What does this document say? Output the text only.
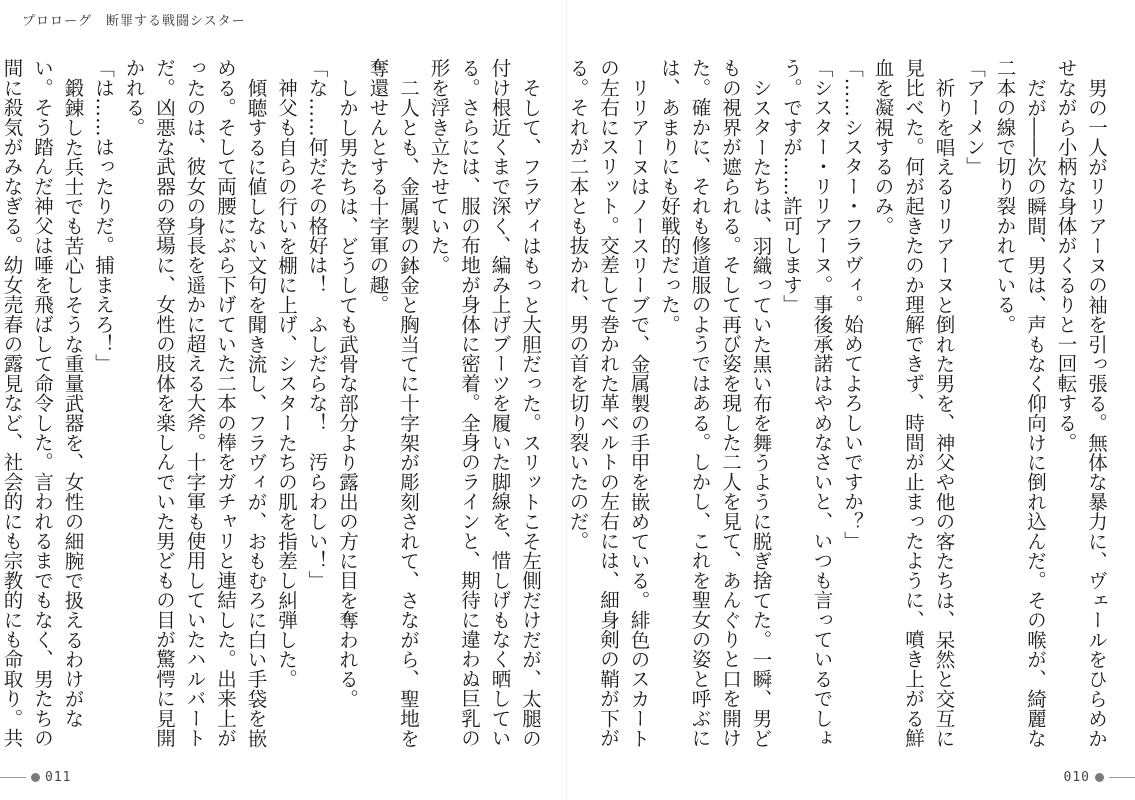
プロローグ　断罪する戦闘シスター

そして、フラヴィはもっと大胆だった。スリットこそ左側だけだが、太腿の付け根近くまで深く、編み上げブーツを履いた脚線を、惜しげもなく晒している。さらには、服の布地が身体に密着。全身のラインと、期待に違わぬ巨乳の形を浮き立たせていた。

二人とも、金属製の鉢金と胸当てに十字架が彫刻されて、さながら、聖地を奪還せんとする十字軍の趣。

しかし男たちは、どうしても武骨な部分より露出の方に目を奪われる。

「な……何だその格好は！　ふしだらな！　汚らわしい！」

神父も自らの行いを棚に上げ、シスターたちの肌を指差し糾弾した。

傾聴するに値しない文句を聞き流し、フラヴィが、おもむろに白い手袋を嵌める。そして両腰にぶら下げていた二本の棒をガチャリと連結した。出来上がったのは、彼女の身長を遥かに超える大斧。十字軍も使用していたハルバートだ。凶悪な武器の登場に、女性の肢体を楽しんでいた男どもの目が驚愕に見開かれる。

「は……はったりだ。捕まえろ！」

鍛錬した兵士でも苦心しそうな重量武器を、女性の細腕で扱えるわけがない。そう踏んだ神父は唾を飛ばして命令した。言われるまでもなく、男たちの間に殺気がみなぎる。幼女売春の露見など、社会的にも宗教的にも命取り。共

011

男の一人がリリアーヌの袖を引っ張る。無体な暴力に、ヴェールをひらめかせながら小柄な身体がくるりと一回転する。

だが――次の瞬間、男は、声もなく仰向けに倒れ込んだ。その喉が、綺麗な二本の線で切り裂かれている。

「アーメン」

祈りを唱えるリリアーヌと倒れた男を、神父や他の客たちは、呆然と交互に見比べた。何が起きたのか理解できず、時間が止まったように、噴き上がる鮮血を凝視するのみ。

「……シスター・フラヴィ。始めてよろしいですか？」

「シスター・リリアーヌ。事後承諾はやめなさいと、いつも言っているでしょう。ですが……許可します」

シスターたちは、羽織っていた黒い布を舞うように脱ぎ捨てた。一瞬、男どもの視界が遮られる。そして再び姿を現した二人を見て、あんぐりと口を開けた。確かに、それも修道服のようではある。しかし、これを聖女の姿と呼ぶには、あまりにも好戦的だった。

リリアーヌはノースリーブで、金属製の手甲を嵌めている。緋色のスカートの左右にスリット。交差して巻かれた革ベルトの左右には、細身剣の鞘が下がる。それが二本とも抜かれ、男の首を切り裂いたのだ。

010
